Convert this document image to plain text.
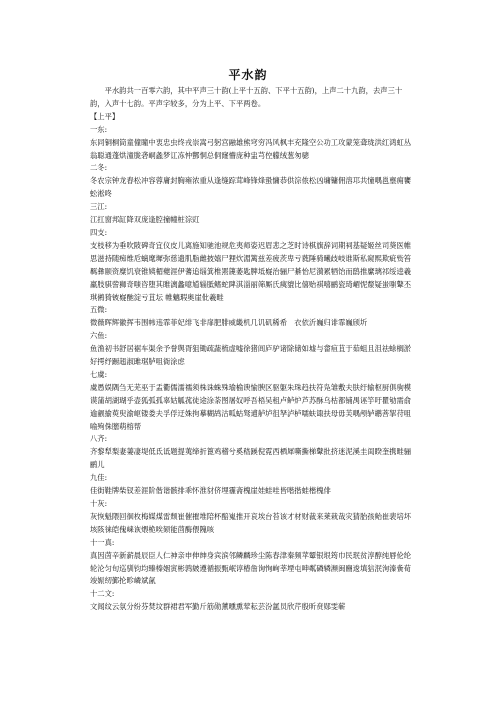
平水韵

平水韵共一百零六韵，其中平声三十韵(上平十五韵、下平十五韵)，上声二十九韵，去声三十韵，入声十七韵。平声字较多，分为上平、下平两卷。

【上平】

一东:

东同铜桐筒童僮瞳中衷忠虫终戎崇嵩弓躬宫融雄熊穹穷冯风枫丰充隆空公功工攻蒙笼聋珑洪红鸿虹丛翁聪通蓬烘潼胧砻峒螽梦讧冻忡酆恫总侗窿懵庞种盅芎倥艨绒葱匆骢

二冬:

冬农宗钟龙舂松冲容蓉庸封胸雍浓重从逢缝踪茸峰锋烽蛩慵恭供淙侬松凶墉镛佣溶邛共憧喁邕壅痈饔蚣淞咚

三江:

江扛窗邦缸降双庞逢腔撞幢桩淙豇

四支:

支枝移为垂吹陂碑奇宜仪皮儿离施知驰池规危夷师姿迟眉悲之芝时诗棋旗辞词期祠基疑姬丝司葵医帷思滋持随痴维卮螭麾墀弥慈遗肌脂雌披嬉尸狸炊湄篱兹差疲茨卑亏蕤陲骑曦歧岐谁斯私窥熙欺疵赀笞羁彝颐资糜饥衰锥姨楣夔涯伊蓍追缁箕椎罴篪萎匙脾坻嶷治骊尸綦怡尼漪累牺饴而鸱推縻璃祁绥逵羲羸肢骐訾狮奇嗤咨堕其睢漓蠡噫馗辎胝鳍蛇陴淇淄丽筛厮氏痍貔比僖贻祺嘻鹂瓷琦嵋怩漦疑蚩嗤鼙丕琪鸺猗铍嶷酏淀亏苴坛 帷魑瑕奥崖仳羲畦

五微:

微薇晖辉徽挥韦围帏违霏菲妃绯飞非扉肥腓威畿机几讥矶稀希　衣依沂巍归诽霏巍颀圻

六鱼:

鱼渔初书舒居裾车渠余予誉舆胥狙锄疏蔬梳虚嘘徐猪闾庐驴诸除储如墟与畲疽苴于茹蛆且沮祛蜍榈淤好摴纾蹰趄淑雎琚胪咀衙涂虑

七虞:

虞愚娱隅刍无芜巫于盂衢儒濡襦须株诛蛛殊瑜榆谀愉腴区驱躯朱珠趋扶符凫雏敷夫肤纡输枢厨俱驹模谟蒲胡湖瑚乎壶狐弧孤辜姑觚菰徒途涂荼图屠奴呼吾梧吴租卢鲈炉芦苏酥乌枯都铺禺诬竽吁瞿劬需俞逾觎揄萸臾渝岖镂娄夫孚俘迂姝拘摹糊鸪沽呱蛄驽逋舻垆徂孥泸栌嚅蚨诹扶母毋芙喁颅轳鹕菩挐苻咀喻殉侏膪萌榕帮

八齐:

齐黎犁梨妻萋凄堤低氐诋题提荑缔折篦鸡稽兮奚嵇蹊倪霓西栖犀嘶撕梯鼙批挤迷泥溪圭闺睽奎携畦骊鹂儿

九佳:

佳街鞋牌柴钗差涯阶偕谐骸排乖怀淮豺侪埋霾斋槐崖娃蛙哇皆喈揩蛙楷槐俳

十灰:

灰恢魁隈回徊枚梅媒煤雷颓崔催摧堆陪杯醅嵬推开哀埃台苔该才材财裁来莱栽哉灾猜胎孩鲐崔裴培坏垓陔徕皑傀崃诙煨桅唉颏能茴酶偎隗咳

十一真:

真因茵辛新薪晨辰臣人仁神亲申伸绅身宾滨邻鳞麟珍尘陈春津秦频苹颦银垠筠巾民珉贫淳醇纯唇伦纶轮沦匀旬巡驯钧均臻榛姻寅彬鹑皴遵循振甄岷谆椿詹询恂峋莘堙屯呻粼磷辚濒闽豳逡填狺泯洵溱夤荀竣娠纫鄞抡畛嶙斌氤

十二文:

文闻纹云氛分纷芬焚坟群裙君军勤斤筋勋薰曛熏荤耘芸汾氲员欣芹殷昕贲郧雯蕲
